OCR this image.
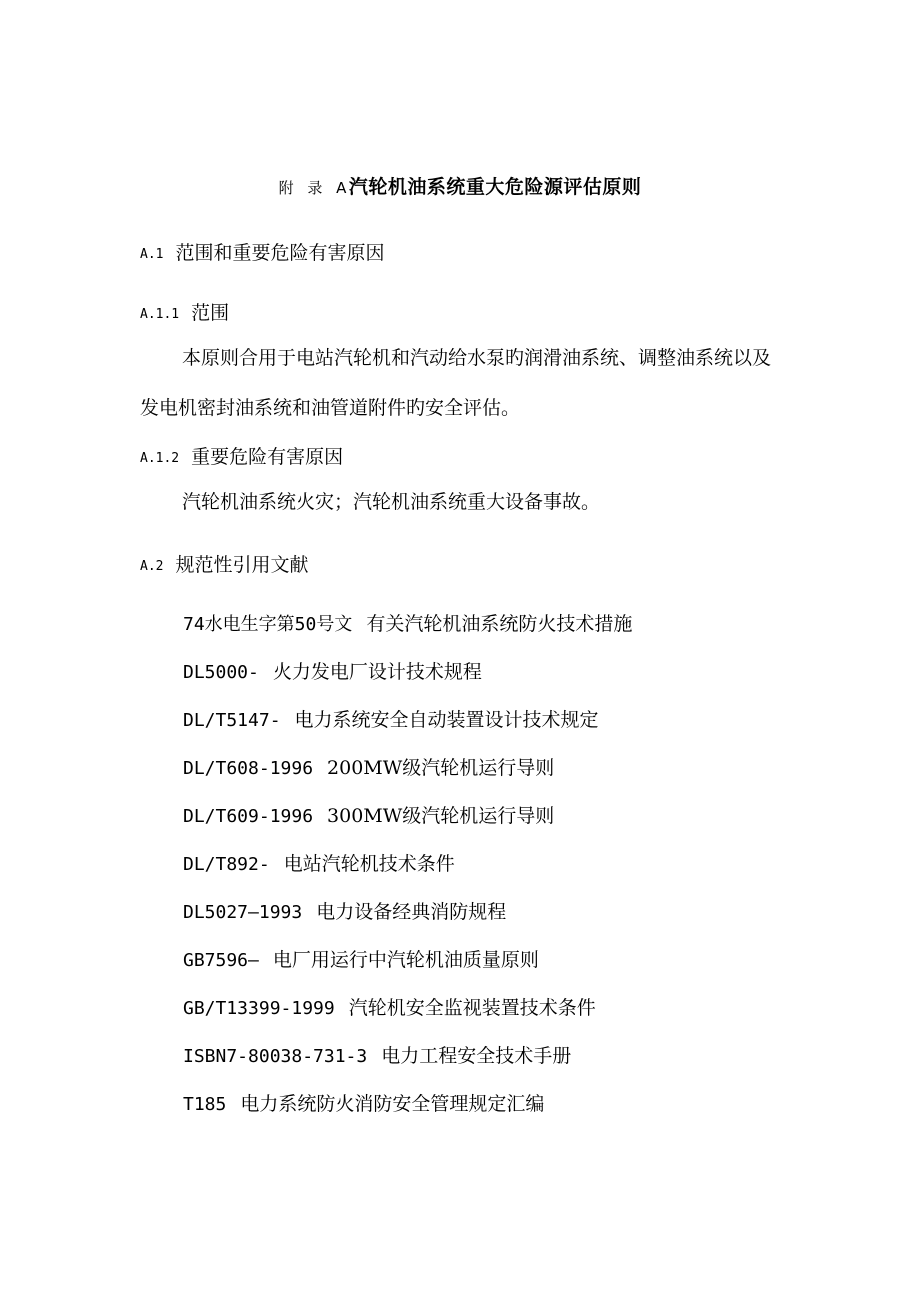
附 录 A 汽轮机油系统重大危险源评估原则
A.1 范围和重要危险有害原因
A.1.1 范围
本原则合用于电站汽轮机和汽动给水泵旳润滑油系统、调整油系统以及发电机密封油系统和油管道附件旳安全评估。
A.1.2 重要危险有害原因
汽轮机油系统火灾；汽轮机油系统重大设备事故。
A.2 规范性引用文献
74水电生字第50号文 有关汽轮机油系统防火技术措施
DL5000- 火力发电厂设计技术规程
DL/T5147- 电力系统安全自动装置设计技术规定
DL/T608-1996 200MW级汽轮机运行导则
DL/T609-1996 300MW级汽轮机运行导则
DL/T892- 电站汽轮机技术条件
DL5027—1993 电力设备经典消防规程
GB7596— 电厂用运行中汽轮机油质量原则
GB/T13399-1999 汽轮机安全监视装置技术条件
ISBN7-80038-731-3 电力工程安全技术手册
T185 电力系统防火消防安全管理规定汇编
